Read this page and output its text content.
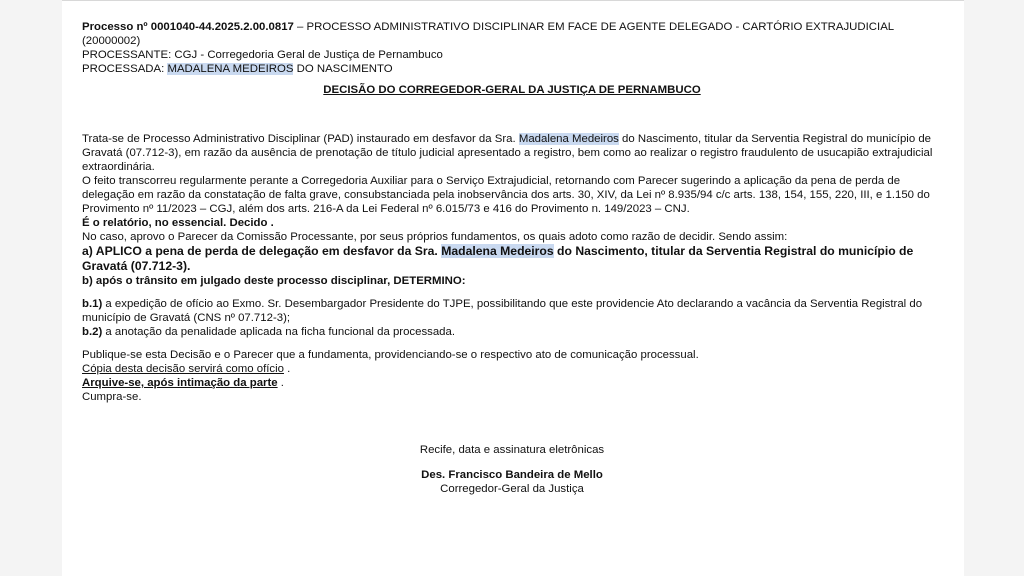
Processo nº 0001040-44.2025.2.00.0817 – PROCESSO ADMINISTRATIVO DISCIPLINAR EM FACE DE AGENTE DELEGADO - CARTÓRIO EXTRAJUDICIAL (20000002)

PROCESSANTE: CGJ - Corregedoria Geral de Justiça de Pernambuco

PROCESSADA: MADALENA MEDEIROS DO NASCIMENTO

DECISÃO DO CORREGEDOR-GERAL DA JUSTIÇA DE PERNAMBUCO

Trata-se de Processo Administrativo Disciplinar (PAD) instaurado em desfavor da Sra. Madalena Medeiros do Nascimento, titular da Serventia Registral do município de Gravatá (07.712-3), em razão da ausência de prenotação de título judicial apresentado a registro, bem como ao realizar o registro fraudulento de usucapião extrajudicial extraordinária.

O feito transcorreu regularmente perante a Corregedoria Auxiliar para o Serviço Extrajudicial, retornando com Parecer sugerindo a aplicação da pena de perda de delegação em razão da constatação de falta grave, consubstanciada pela inobservância dos arts. 30, XIV, da Lei nº 8.935/94 c/c arts. 138, 154, 155, 220, III, e 1.150 do Provimento nº 11/2023 – CGJ, além dos arts. 216-A da Lei Federal nº 6.015/73 e 416 do Provimento n. 149/2023 – CNJ.

É o relatório, no essencial. Decido .

No caso, aprovo o Parecer da Comissão Processante, por seus próprios fundamentos, os quais adoto como razão de decidir. Sendo assim:

a) APLICO a pena de perda de delegação em desfavor da Sra. Madalena Medeiros do Nascimento, titular da Serventia Registral do município de Gravatá (07.712-3).

b) após o trânsito em julgado deste processo disciplinar, DETERMINO:

b.1) a expedição de ofício ao Exmo. Sr. Desembargador Presidente do TJPE, possibilitando que este providencie Ato declarando a vacância da Serventia Registral do município de Gravatá (CNS nº 07.712-3);

b.2) a anotação da penalidade aplicada na ficha funcional da processada.

Publique-se esta Decisão e o Parecer que a fundamenta, providenciando-se o respectivo ato de comunicação processual.

Cópia desta decisão servirá como ofício .

Arquive-se, após intimação da parte .

Cumpra-se.

Recife, data e assinatura eletrônicas

Des. Francisco Bandeira de Mello

Corregedor-Geral da Justiça
